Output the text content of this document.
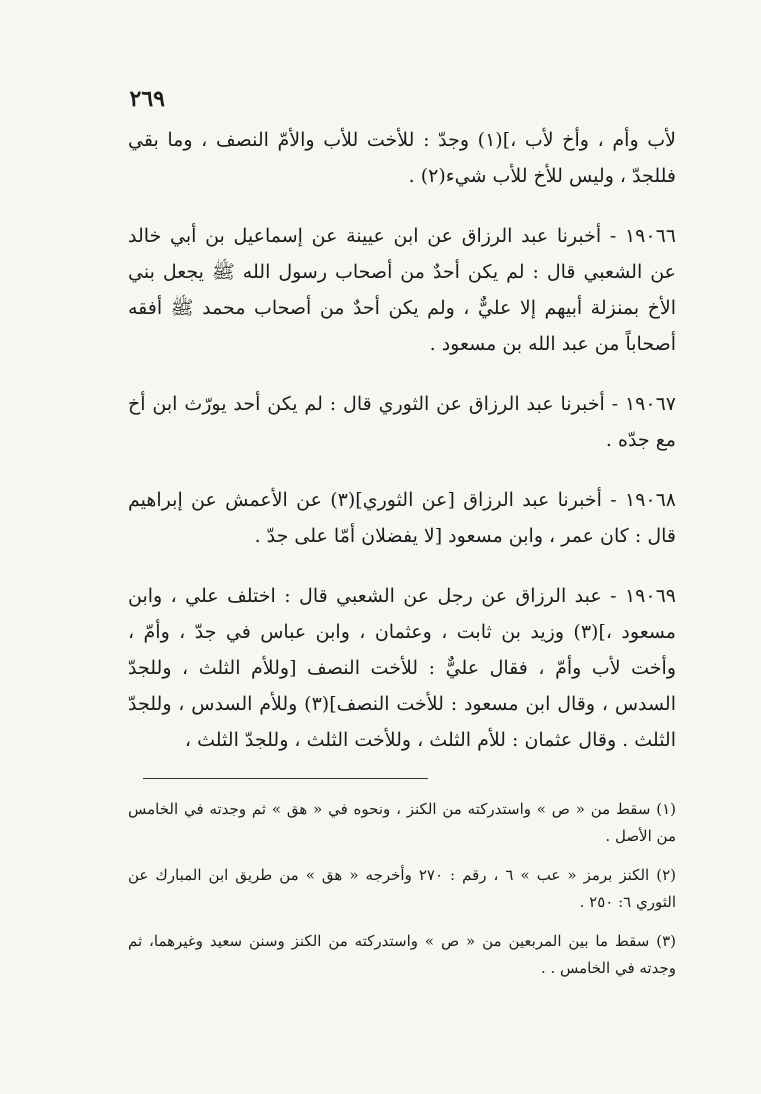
٢٦٩

لأب وأم ، وأخ لأب ،](١) وجدّ : للأخت للأب والأمّ النصف ، وما بقي فللجدّ ، وليس للأخ للأب شيء(٢) .

١٩٠٦٦ - أخبرنا عبد الرزاق عن ابن عيينة عن إسماعيل بن أبي خالد عن الشعبي قال : لم يكن أحدٌ من أصحاب رسول الله ﷺ يجعل بني الأخ بمنزلة أبيهم إلا عليٌّ ، ولم يكن أحدٌ من أصحاب محمد ﷺ أفقه أصحاباً من عبد الله بن مسعود .

١٩٠٦٧ - أخبرنا عبد الرزاق عن الثوري قال : لم يكن أحد يورّث ابن أخ مع جدّه .

١٩٠٦٨ - أخبرنا عبد الرزاق [عن الثوري](٣) عن الأعمش عن إبراهيم قال : كان عمر ، وابن مسعود [لا يفضلان أمّا على جدّ .

١٩٠٦٩ - عبد الرزاق عن رجل عن الشعبي قال : اختلف علي ، وابن مسعود ،](٣) وزيد بن ثابت ، وعثمان ، وابن عباس في جدّ ، وأمّ ، وأخت لأب وأمّ ، فقال عليٌّ : للأخت النصف [وللأم الثلث ، وللجدّ السدس ، وقال ابن مسعود : للأخت النصف](٣) وللأم السدس ، وللجدّ الثلث . وقال عثمان : للأم الثلث ، وللأخت الثلث ، وللجدّ الثلث ،

(١) سقط من « ص » واستدركته من الكنز ، ونحوه في « هق » ثم وجدته في الخامس من الأصل .

(٢) الكنز برمز « عب » ٦ ، رقم : ٢٧٠ وأخرجه « هق » من طريق ابن المبارك عن الثوري ٦: ٢٥٠ .

(٣) سقط ما بين المربعين من « ص » واستدركته من الكنز وسنن سعيد وغيرهما، ثم وجدته في الخامس . .
